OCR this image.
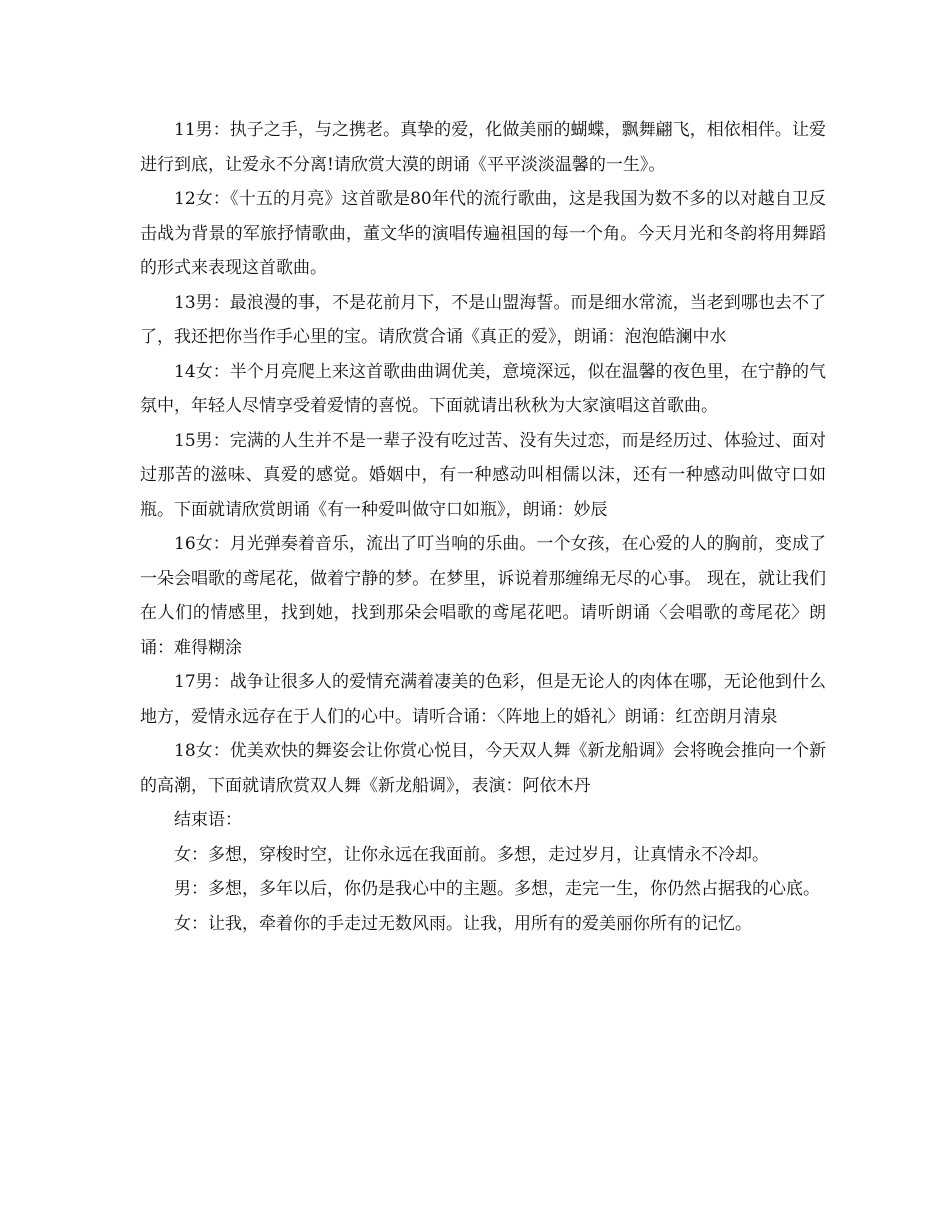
11男：执子之手，与之携老。真挚的爱，化做美丽的蝴蝶，飘舞翩飞，相依相伴。让爱进行到底，让爱永不分离!请欣赏大漠的朗诵《平平淡淡温馨的一生》。

12女：《十五的月亮》这首歌是80年代的流行歌曲，这是我国为数不多的以对越自卫反击战为背景的军旅抒情歌曲，董文华的演唱传遍祖国的每一个角。今天月光和冬韵将用舞蹈的形式来表现这首歌曲。

13男：最浪漫的事，不是花前月下，不是山盟海誓。而是细水常流，当老到哪也去不了了，我还把你当作手心里的宝。请欣赏合诵《真正的爱》，朗诵：泡泡皓澜中水

14女：半个月亮爬上来这首歌曲曲调优美，意境深远，似在温馨的夜色里，在宁静的气氛中，年轻人尽情享受着爱情的喜悦。下面就请出秋秋为大家演唱这首歌曲。

15男：完满的人生并不是一辈子没有吃过苦、没有失过恋，而是经历过、体验过、面对过那苦的滋味、真爱的感觉。婚姻中，有一种感动叫相儒以沫，还有一种感动叫做守口如瓶。下面就请欣赏朗诵《有一种爱叫做守口如瓶》，朗诵：妙辰

16女：月光弹奏着音乐，流出了叮当响的乐曲。一个女孩，在心爱的人的胸前，变成了一朵会唱歌的鸢尾花，做着宁静的梦。在梦里，诉说着那缠绵无尽的心事。 现在，就让我们在人们的情感里，找到她，找到那朵会唱歌的鸢尾花吧。请听朗诵〈会唱歌的鸢尾花〉朗诵：难得糊涂

17男：战争让很多人的爱情充满着凄美的色彩，但是无论人的肉体在哪，无论他到什么地方，爱情永远存在于人们的心中。请听合诵：〈阵地上的婚礼〉朗诵：红峦朗月清泉

18女：优美欢快的舞姿会让你赏心悦目，今天双人舞《新龙船调》会将晚会推向一个新的高潮，下面就请欣赏双人舞《新龙船调》，表演：阿依木丹

结束语：

女：多想，穿梭时空，让你永远在我面前。多想，走过岁月，让真情永不冷却。

男：多想，多年以后，你仍是我心中的主题。多想，走完一生，你仍然占据我的心底。

女：让我，牵着你的手走过无数风雨。让我，用所有的爱美丽你所有的记忆。
